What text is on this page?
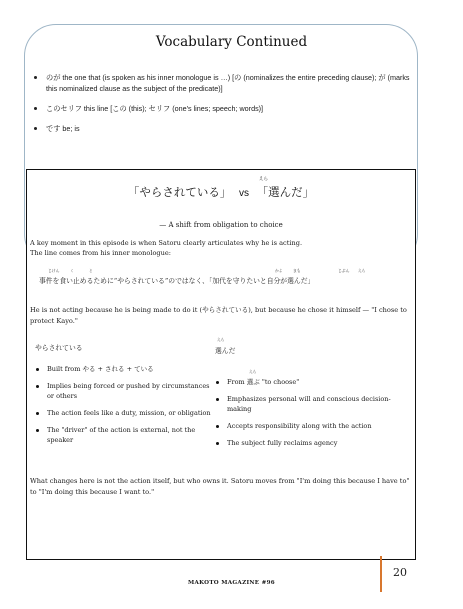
Vocabulary Continued
のが the one that (is spoken as his inner monologue is …) [の (nominalizes the entire preceding clause); が (marks this nominalized clause as the subject of the predicate)]
このセリフ this line [この (this); セリフ (one's lines; speech; words)]
です be; is
えら
「やらされている」 vs 「選んだ」
— A shift from obligation to choice
A key moment in this episode is when Satoru clearly articulates why he is acting.
The line comes from his inner monologue:
じけん	く	と	かよ	まも	じぶん えら
事件を食い止めるために“やらされている”のではなく、「加代を守りたいと自分が選んだ」
He is not acting because he is being made to do it (やらされている), but because he chose it himself — "I chose to protect Kayo."
やらされている
Built from やる + される + ている
Implies being forced or pushed by circumstances or others
The action feels like a duty, mission, or obligation
The "driver" of the action is external, not the speaker
えら
選んだ
えら
From 選ぶ "to choose"
Emphasizes personal will and conscious decision-making
Accepts responsibility along with the action
The subject fully reclaims agency
What changes here is not the action itself, but who owns it. Satoru moves from "I'm doing this because I have to" to "I'm doing this because I want to."
MAKOTO MAGAZINE #96
20
